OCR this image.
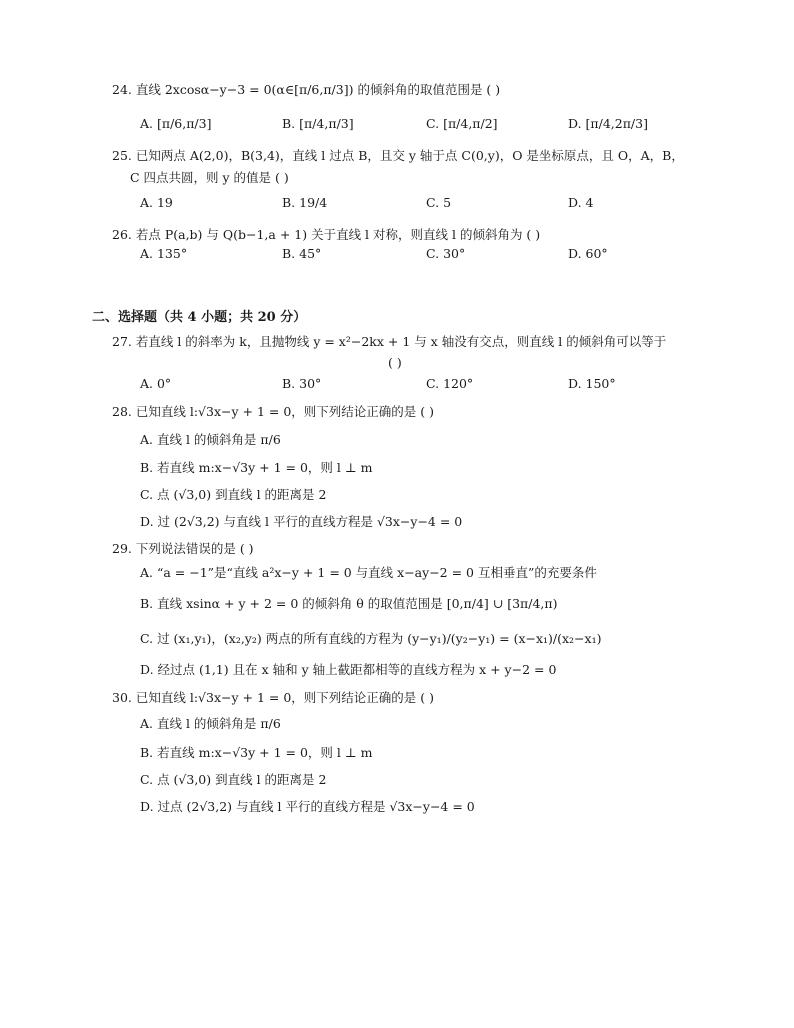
24. 直线 2xcosα−y−3 = 0(α∈[π/6,π/3]) 的倾斜角的取值范围是 ( )
A. [π/6,π/3]	B. [π/4,π/3]	C. [π/4,π/2]	D. [π/4,2π/3]
25. 已知两点 A(2,0)，B(3,4)，直线 l 过点 B，且交 y 轴于点 C(0,y)，O 是坐标原点，且 O，A，B，
C 四点共圆，则 y 的值是 ( )
A. 19	B. 19/4	C. 5	D. 4
26. 若点 P(a,b) 与 Q(b−1,a + 1) 关于直线 l 对称，则直线 l 的倾斜角为 ( )
A. 135°	B. 45°	C. 30°	D. 60°
二、选择题（共 4 小题；共 20 分）
27. 若直线 l 的斜率为 k，且抛物线 y = x²−2kx + 1 与 x 轴没有交点，则直线 l 的倾斜角可以等于
( )
A. 0°	B. 30°	C. 120°	D. 150°
28. 已知直线 l:√3x−y + 1 = 0，则下列结论正确的是 ( )
A. 直线 l 的倾斜角是 π/6
B. 若直线 m:x−√3y + 1 = 0，则 l ⊥ m
C. 点 (√3,0) 到直线 l 的距离是 2
D. 过 (2√3,2) 与直线 l 平行的直线方程是 √3x−y−4 = 0
29. 下列说法错误的是 ( )
A. “a = −1”是“直线 a²x−y + 1 = 0 与直线 x−ay−2 = 0 互相垂直”的充要条件
B. 直线 xsinα + y + 2 = 0 的倾斜角 θ 的取值范围是 [0,π/4] ∪ [3π/4,π)
C. 过 (x₁,y₁)，(x₂,y₂) 两点的所有直线的方程为 (y−y₁)/(y₂−y₁) = (x−x₁)/(x₂−x₁)
D. 经过点 (1,1) 且在 x 轴和 y 轴上截距都相等的直线方程为 x + y−2 = 0
30. 已知直线 l:√3x−y + 1 = 0，则下列结论正确的是 ( )
A. 直线 l 的倾斜角是 π/6
B. 若直线 m:x−√3y + 1 = 0，则 l ⊥ m
C. 点 (√3,0) 到直线 l 的距离是 2
D. 过点 (2√3,2) 与直线 l 平行的直线方程是 √3x−y−4 = 0
